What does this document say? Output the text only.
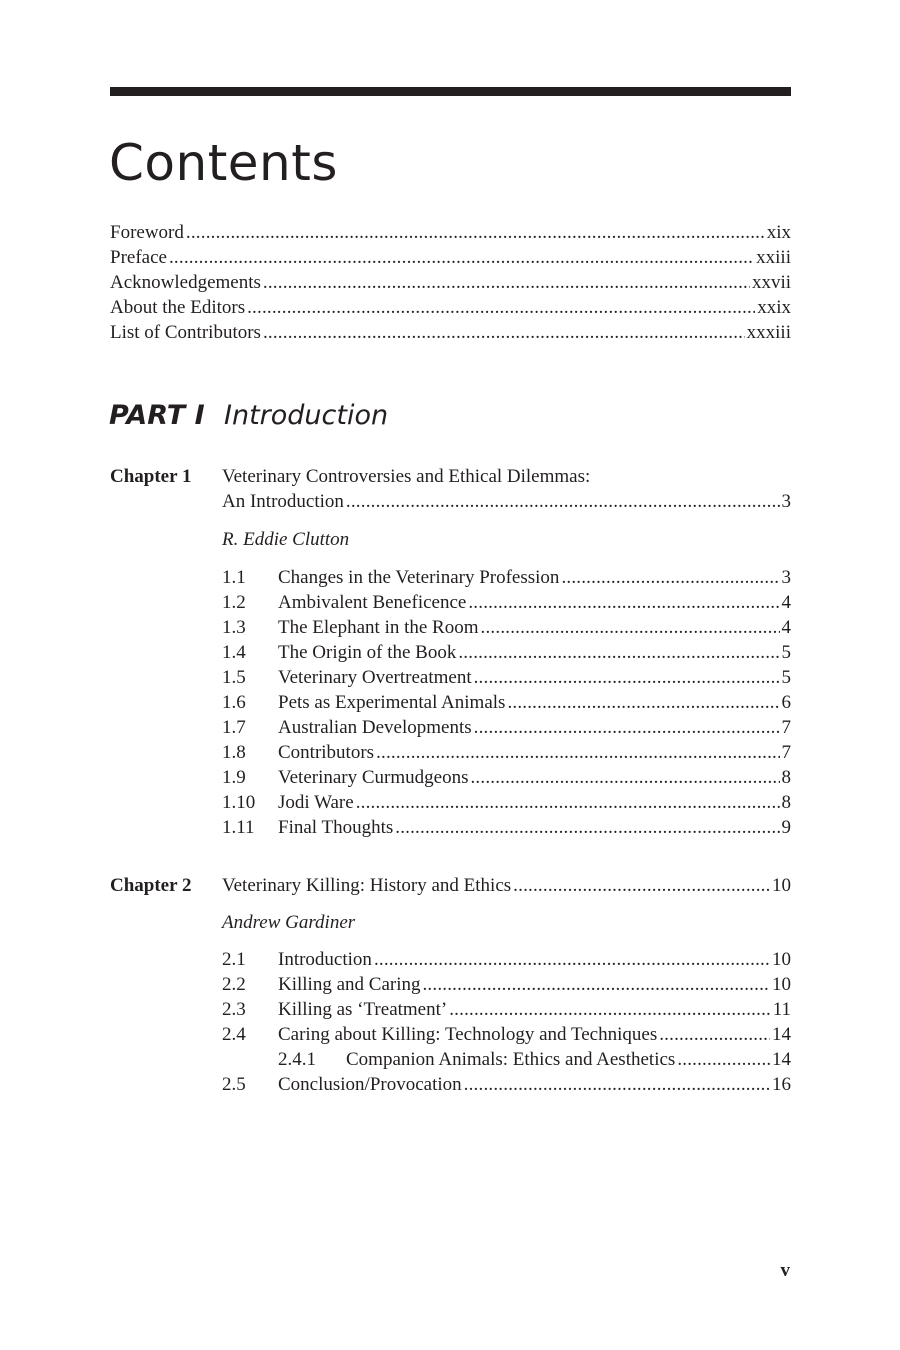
Contents
Foreword .....	xix
Preface .....	xxiii
Acknowledgements .....	xxvii
About the Editors .....	xxix
List of Contributors .....	xxxiii
PART I Introduction
Chapter 1 Veterinary Controversies and Ethical Dilemmas:
An Introduction .....	3
R. Eddie Clutton
1.1	Changes in the Veterinary Profession .....	3
1.2	Ambivalent Beneficence .....	4
1.3	The Elephant in the Room .....	4
1.4	The Origin of the Book .....	5
1.5	Veterinary Overtreatment .....	5
1.6	Pets as Experimental Animals .....	6
1.7	Australian Developments .....	7
1.8	Contributors .....	7
1.9	Veterinary Curmudgeons .....	8
1.10	Jodi Ware .....	8
1.11	Final Thoughts .....	9
Chapter 2 Veterinary Killing: History and Ethics .....	10
Andrew Gardiner
2.1	Introduction .....	10
2.2	Killing and Caring .....	10
2.3	Killing as ‘Treatment’ .....	11
2.4	Caring about Killing: Technology and Techniques .....	14
2.4.1	Companion Animals: Ethics and Aesthetics .....	14
2.5	Conclusion/Provocation .....	16
v
